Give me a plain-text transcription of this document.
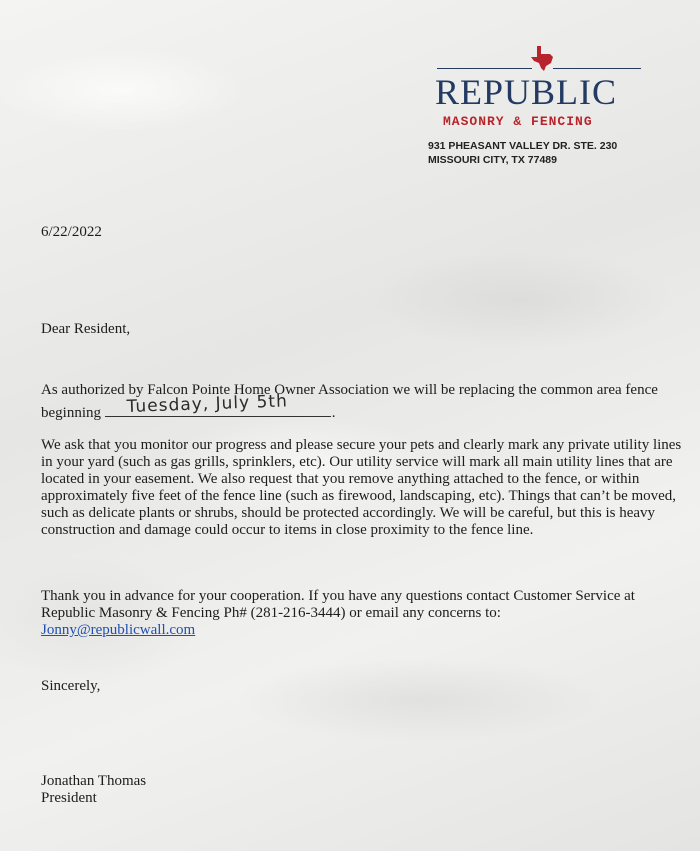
REPUBLIC
MASONRY & FENCING
931 PHEASANT VALLEY DR. STE. 230
MISSOURI CITY, TX 77489
6/22/2022
Dear Resident,
As authorized by Falcon Pointe Home Owner Association we will be replacing the common area fence beginning Tuesday, July 5th	.
We ask that you monitor our progress and please secure your pets and clearly mark any private utility lines in your yard (such as gas grills, sprinklers, etc). Our utility service will mark all main utility lines that are located in your easement. We also request that you remove anything attached to the fence, or within approximately five feet of the fence line (such as firewood, landscaping, etc). Things that can’t be moved, such as delicate plants or shrubs, should be protected accordingly. We will be careful, but this is heavy construction and damage could occur to items in close proximity to the fence line.
Thank you in advance for your cooperation. If you have any questions contact Customer Service at Republic Masonry & Fencing Ph# (281-216-3444) or email any concerns to:
Jonny@republicwall.com
Sincerely,
Jonathan Thomas
President
